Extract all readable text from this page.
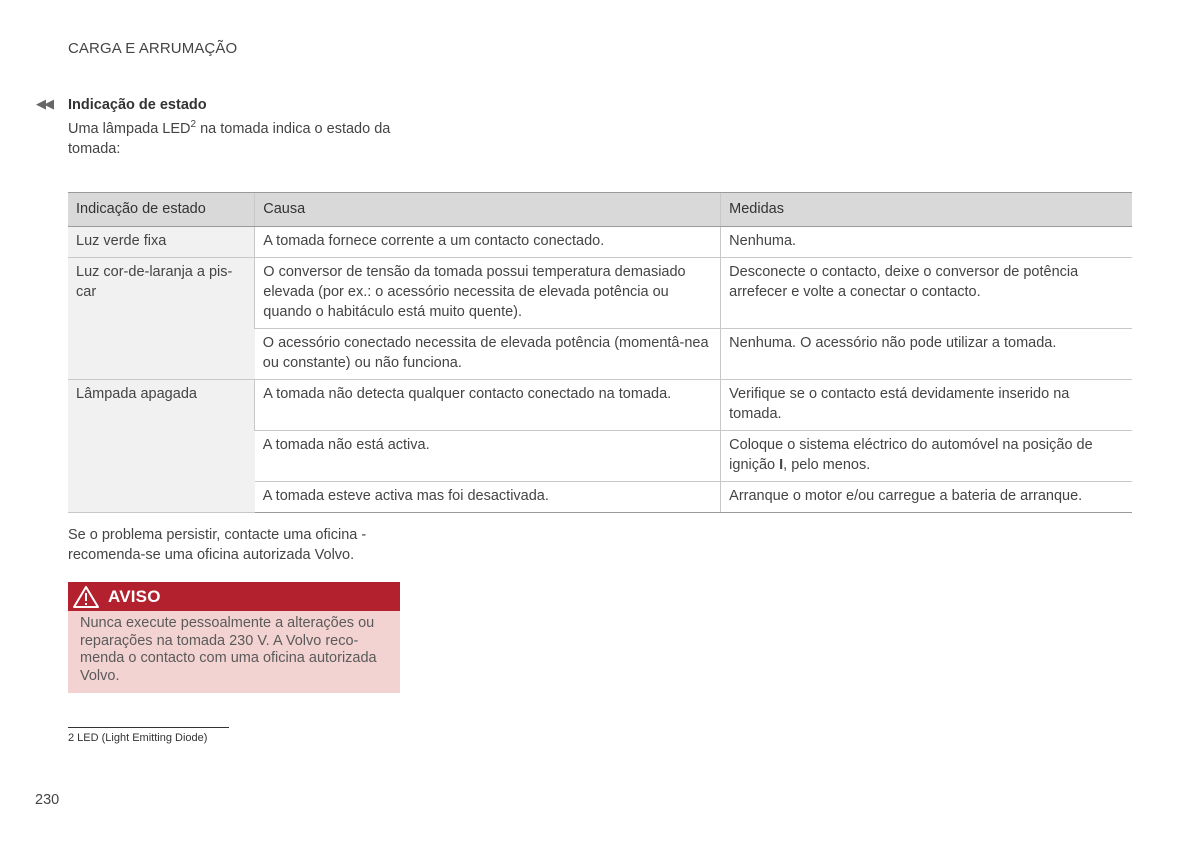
CARGA E ARRUMAÇÃO
◀◀ Indicação de estado
Uma lâmpada LED$^2$ na tomada indica o estado da tomada:
Indicação de estado	Causa	Medidas
Luz verde fixa	A tomada fornece corrente a um contacto conectado.	Nenhuma.
Luz cor-de-laranja a pis-car	O conversor de tensão da tomada possui temperatura demasiado elevada (por ex.: o acessório necessita de elevada potência ou quando o habitáculo está muito quente).	Desconecte o contacto, deixe o conversor de potência arrefecer e volte a conectar o contacto.
	O acessório conectado necessita de elevada potência (momentâ-nea ou constante) ou não funciona.	Nenhuma. O acessório não pode utilizar a tomada.
Lâmpada apagada	A tomada não detecta qualquer contacto conectado na tomada.	Verifique se o contacto está devidamente inserido na tomada.
	A tomada não está activa.	Coloque o sistema eléctrico do automóvel na posição de ignição I, pelo menos.
	A tomada esteve activa mas foi desactivada.	Arranque o motor e/ou carregue a bateria de arranque.
Se o problema persistir, contacte uma oficina - recomenda-se uma oficina autorizada Volvo.
AVISO
Nunca execute pessoalmente a alterações ou reparações na tomada 230 V. A Volvo reco-menda o contacto com uma oficina autorizada Volvo.
2 LED (Light Emitting Diode)
230
